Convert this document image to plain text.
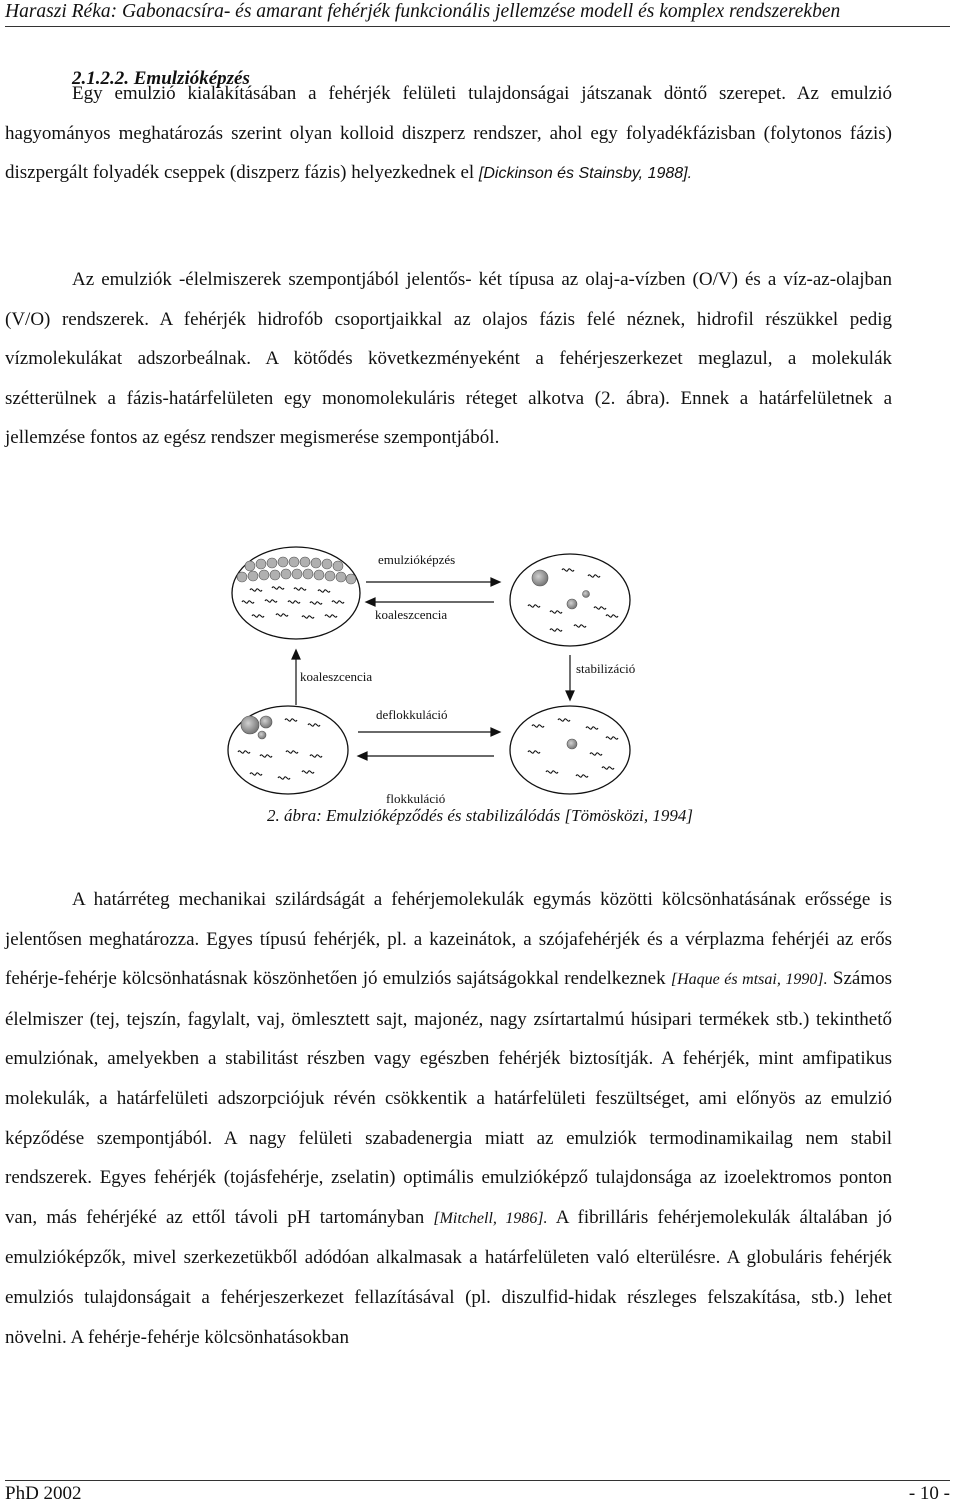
Haraszi Réka: Gabonacsíra- és amarant fehérjék funkcionális jellemzése modell és komplex rendszerekben
2.1.2.2. Emulzióképzés
Egy emulzió kialakításában a fehérjék felületi tulajdonságai játszanak döntő szerepet. Az emulzió hagyományos meghatározás szerint olyan kolloid diszperz rendszer, ahol egy folyadékfázisban (folytonos fázis) diszpergált folyadék cseppek (diszperz fázis) helyezkednek el [Dickinson és Stainsby, 1988].
Az emulziók -élelmiszerek szempontjából jelentős- két típusa az olaj-a-vízben (O/V) és a víz-az-olajban (V/O) rendszerek. A fehérjék hidrofób csoportjaikkal az olajos fázis felé néznek, hidrofil részükkel pedig vízmolekulákat adszorbeálnak. A kötődés következményeként a fehérjeszerkezet meglazul, a molekulák szétterülnek a fázis-határfelületen egy monomolekuláris réteget alkotva (2. ábra). Ennek a határfelületnek a jellemzése fontos az egész rendszer megismerése szempontjából.
emulzióképzés
koaleszcencia
koaleszcencia
stabilizáció
deflokkuláció
flokkuláció
2. ábra: Emulzióképződés és stabilizálódás [Tömösközi, 1994]
A határréteg mechanikai szilárdságát a fehérjemolekulák egymás közötti kölcsönhatásának erőssége is jelentősen meghatározza. Egyes típusú fehérjék, pl. a kazeinátok, a szójafehérjék és a vérplazma fehérjéi az erős fehérje-fehérje kölcsönhatásnak köszönhetően jó emulziós sajátságokkal rendelkeznek [Haque és mtsai, 1990]. Számos élelmiszer (tej, tejszín, fagylalt, vaj, ömlesztett sajt, majonéz, nagy zsírtartalmú húsipari termékek stb.) tekinthető emulziónak, amelyekben a stabilitást részben vagy egészben fehérjék biztosítják. A fehérjék, mint amfipatikus molekulák, a határfelületi adszorpciójuk révén csökkentik a határfelületi feszültséget, ami előnyös az emulzió képződése szempontjából. A nagy felületi szabadenergia miatt az emulziók termodinamikailag nem stabil rendszerek. Egyes fehérjék (tojásfehérje, zselatin) optimális emulzióképző tulajdonsága az izoelektromos ponton van, más fehérjéké az ettől távoli pH tartományban [Mitchell, 1986]. A fibrilláris fehérjemolekulák általában jó emulzióképzők, mivel szerkezetükből adódóan alkalmasak a határfelületen való elterülésre. A globuláris fehérjék emulziós tulajdonságait a fehérjeszerkezet fellazításával (pl. diszulfid-hidak részleges felszakítása, stb.) lehet növelni. A fehérje-fehérje kölcsönhatásokban
PhD 2002	- 10 -
